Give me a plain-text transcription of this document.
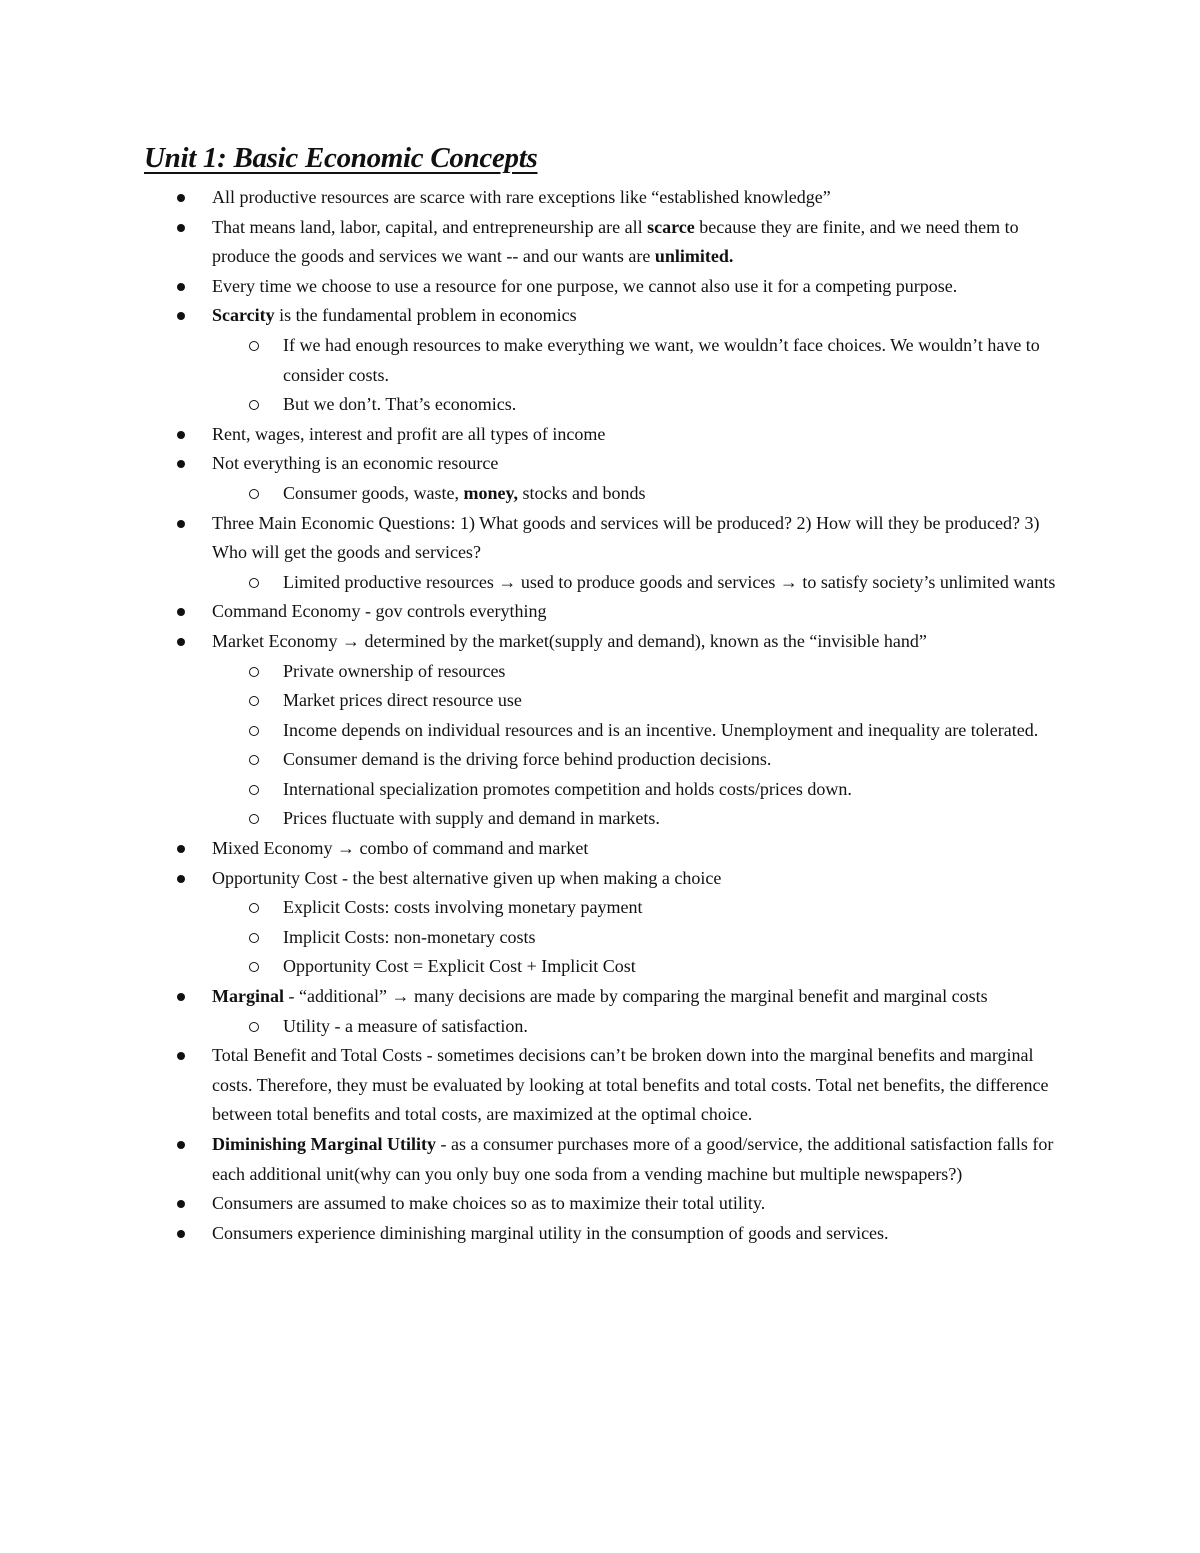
Unit 1: Basic Economic Concepts
All productive resources are scarce with rare exceptions like “established knowledge”
That means land, labor, capital, and entrepreneurship are all scarce because they are finite, and we need them to produce the goods and services we want -- and our wants are unlimited.
Every time we choose to use a resource for one purpose, we cannot also use it for a competing purpose.
Scarcity is the fundamental problem in economics
If we had enough resources to make everything we want, we wouldn’t face choices. We wouldn’t have to consider costs.
But we don’t. That’s economics.
Rent, wages, interest and profit are all types of income
Not everything is an economic resource
Consumer goods, waste, money, stocks and bonds
Three Main Economic Questions: 1) What goods and services will be produced? 2) How will they be produced? 3) Who will get the goods and services?
Limited productive resources → used to produce goods and services → to satisfy society’s unlimited wants
Command Economy - gov controls everything
Market Economy → determined by the market(supply and demand), known as the “invisible hand”
Private ownership of resources
Market prices direct resource use
Income depends on individual resources and is an incentive. Unemployment and inequality are tolerated.
Consumer demand is the driving force behind production decisions.
International specialization promotes competition and holds costs/prices down.
Prices fluctuate with supply and demand in markets.
Mixed Economy → combo of command and market
Opportunity Cost - the best alternative given up when making a choice
Explicit Costs: costs involving monetary payment
Implicit Costs: non-monetary costs
Opportunity Cost = Explicit Cost + Implicit Cost
Marginal - “additional” → many decisions are made by comparing the marginal benefit and marginal costs
Utility - a measure of satisfaction.
Total Benefit and Total Costs - sometimes decisions can’t be broken down into the marginal benefits and marginal costs. Therefore, they must be evaluated by looking at total benefits and total costs. Total net benefits, the difference between total benefits and total costs, are maximized at the optimal choice.
Diminishing Marginal Utility - as a consumer purchases more of a good/service, the additional satisfaction falls for each additional unit(why can you only buy one soda from a vending machine but multiple newspapers?)
Consumers are assumed to make choices so as to maximize their total utility.
Consumers experience diminishing marginal utility in the consumption of goods and services.
